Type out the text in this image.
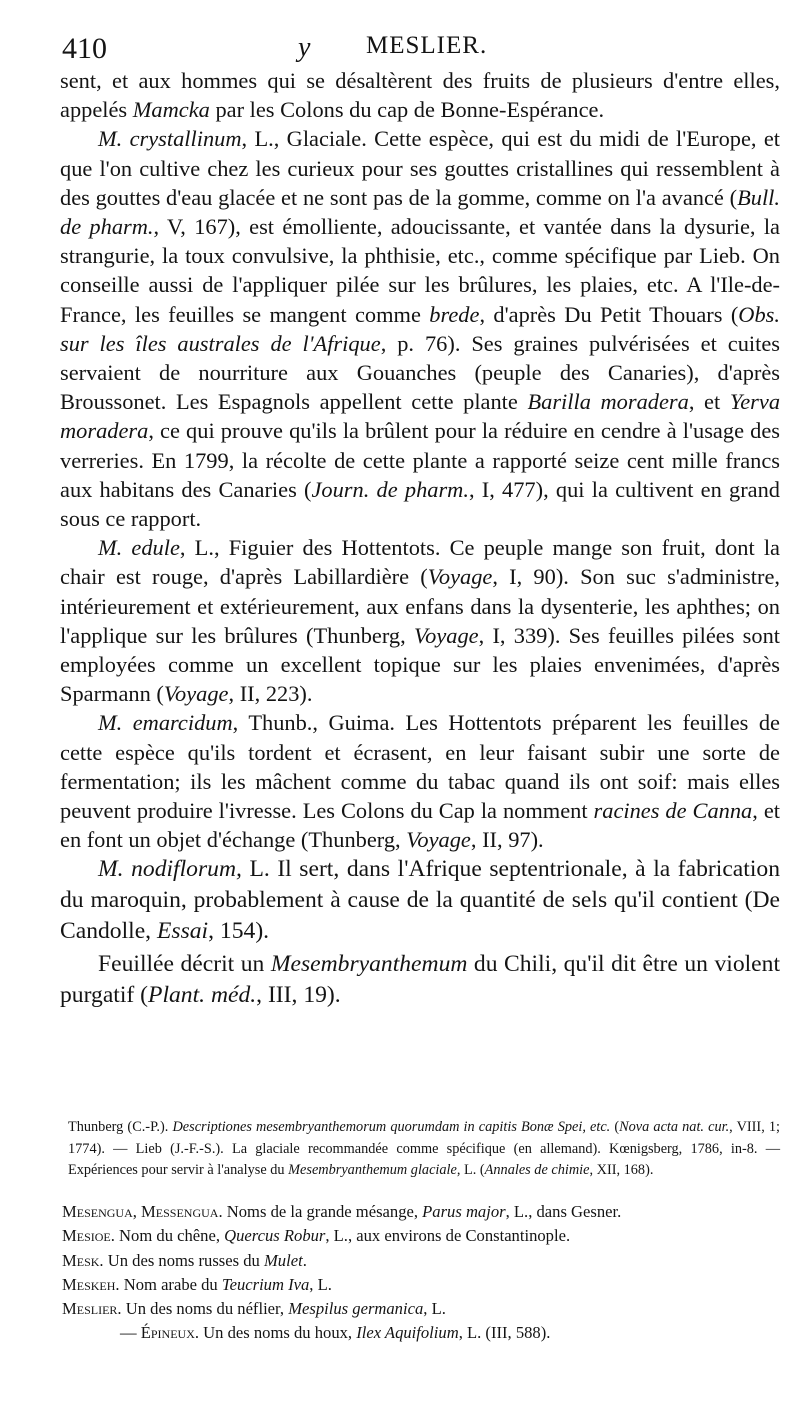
410	y MESLIER.

sent, et aux hommes qui se désaltèrent des fruits de plusieurs d'entre elles, appelés Mamcka par les Colons du cap de Bonne-Espérance.

M. crystallinum, L., Glaciale. Cette espèce, qui est du midi de l'Europe, et que l'on cultive chez les curieux pour ses gouttes cristallines qui ressemblent à des gouttes d'eau glacée et ne sont pas de la gomme, comme on l'a avancé (Bull. de pharm., V, 167), est émolliente, adoucissante, et vantée dans la dysurie, la strangurie, la toux convulsive, la phthisie, etc., comme spécifique par Lieb. On conseille aussi de l'appliquer pilée sur les brûlures, les plaies, etc. A l'Ile-de-France, les feuilles se mangent comme brede, d'après Du Petit Thouars (Obs. sur les îles australes de l'Afrique, p. 76). Ses graines pulvérisées et cuites servaient de nourriture aux Gouanches (peuple des Canaries), d'après Broussonet. Les Espagnols appellent cette plante Barilla moradera, et Yerva moradera, ce qui prouve qu'ils la brûlent pour la réduire en cendre à l'usage des verreries. En 1799, la récolte de cette plante a rapporté seize cent mille francs aux habitans des Canaries (Journ. de pharm., I, 477), qui la cultivent en grand sous ce rapport.

M. edule, L., Figuier des Hottentots. Ce peuple mange son fruit, dont la chair est rouge, d'après Labillardière (Voyage, I, 90). Son suc s'administre, intérieurement et extérieurement, aux enfans dans la dysenterie, les aphthes; on l'applique sur les brûlures (Thunberg, Voyage, I, 339). Ses feuilles pilées sont employées comme un excellent topique sur les plaies envenimées, d'après Sparmann (Voyage, II, 223).

M. emarcidum, Thunb., Guima. Les Hottentots préparent les feuilles de cette espèce qu'ils tordent et écrasent, en leur faisant subir une sorte de fermentation; ils les mâchent comme du tabac quand ils ont soif: mais elles peuvent produire l'ivresse. Les Colons du Cap la nomment racines de Canna, et en font un objet d'échange (Thunberg, Voyage, II, 97).

M. nodiflorum, L. Il sert, dans l'Afrique septentrionale, à la fabrication du maroquin, probablement à cause de la quantité de sels qu'il contient (De Candolle, Essai, 154).

Feuillée décrit un Mesembryanthemum du Chili, qu'il dit être un violent purgatif (Plant. méd., III, 19).

Thunberg (C.-P.). Descriptiones mesembryanthemorum quorumdam in capitis Bonæ Spei, etc. (Nova acta nat. cur., VIII, 1; 1774). — Lieb (J.-F.-S.). La glaciale recommandée comme spécifique (en allemand). Kœnigsberg, 1786, in-8. — Expériences pour servir à l'analyse du Mesembryanthemum glaciale, L. (Annales de chimie, XII, 168).

Mesengua, Messengua. Noms de la grande mésange, Parus major, L., dans Gesner.

Mesioe. Nom du chêne, Quercus Robur, L., aux environs de Constantinople.

Mesk. Un des noms russes du Mulet.

Meskeh. Nom arabe du Teucrium Iva, L.

Meslier. Un des noms du néflier, Mespilus germanica, L.

— Épineux. Un des noms du houx, Ilex Aquifolium, L. (III, 588).
